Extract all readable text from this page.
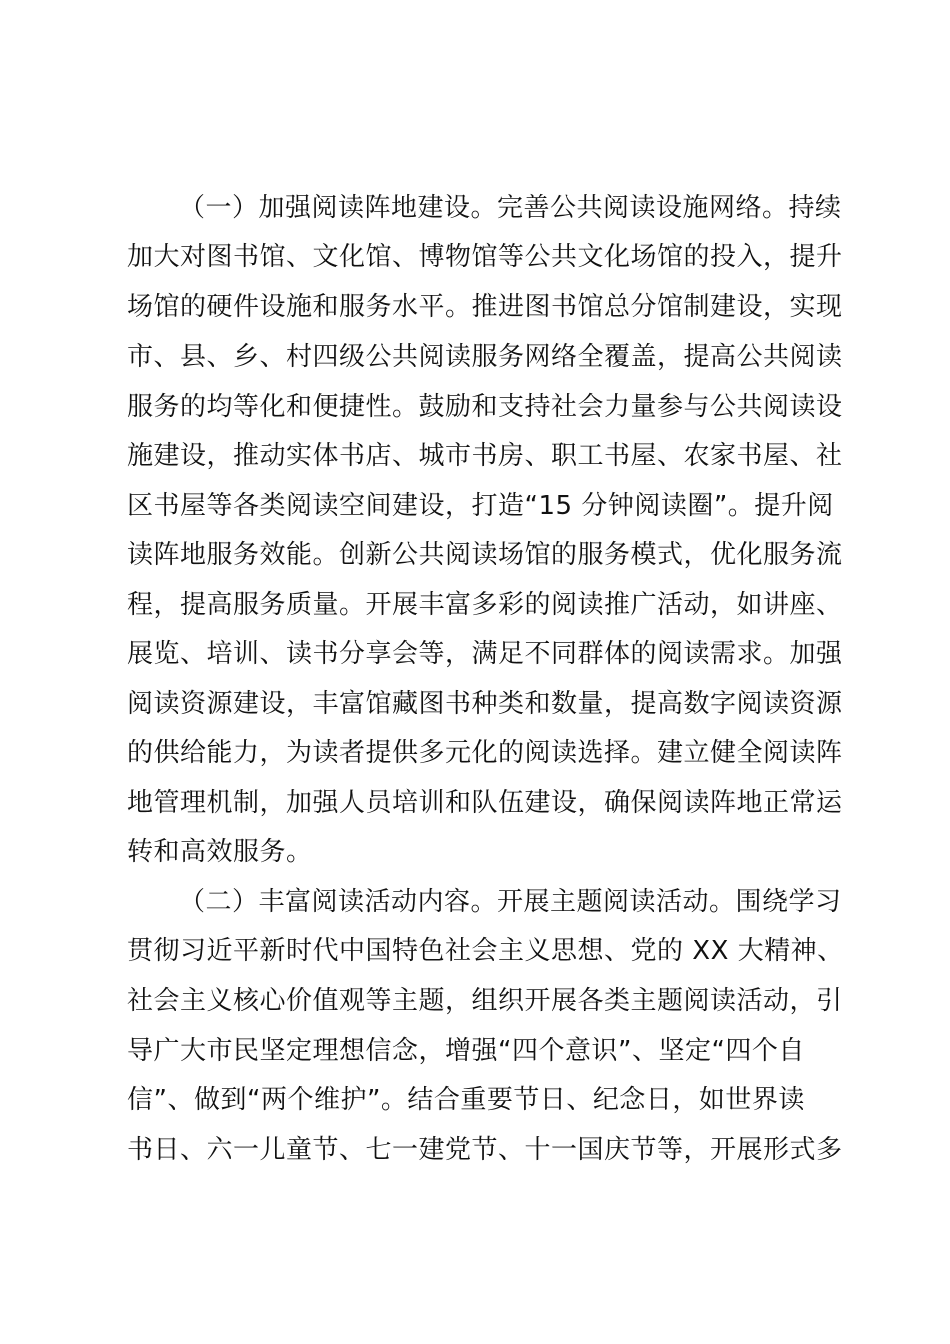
（一）加强阅读阵地建设。完善公共阅读设施网络。持续
加大对图书馆、文化馆、博物馆等公共文化场馆的投入，提升
场馆的硬件设施和服务水平。推进图书馆总分馆制建设，实现
市、县、乡、村四级公共阅读服务网络全覆盖，提高公共阅读
服务的均等化和便捷性。鼓励和支持社会力量参与公共阅读设
施建设，推动实体书店、城市书房、职工书屋、农家书屋、社
区书屋等各类阅读空间建设，打造“15 分钟阅读圈”。提升阅
读阵地服务效能。创新公共阅读场馆的服务模式，优化服务流
程，提高服务质量。开展丰富多彩的阅读推广活动，如讲座、
展览、培训、读书分享会等，满足不同群体的阅读需求。加强
阅读资源建设，丰富馆藏图书种类和数量，提高数字阅读资源
的供给能力，为读者提供多元化的阅读选择。建立健全阅读阵
地管理机制，加强人员培训和队伍建设，确保阅读阵地正常运
转和高效服务。
（二）丰富阅读活动内容。开展主题阅读活动。围绕学习
贯彻习近平新时代中国特色社会主义思想、党的 XX 大精神、
社会主义核心价值观等主题，组织开展各类主题阅读活动，引
导广大市民坚定理想信念，增强“四个意识”、坚定“四个自
信”、做到“两个维护”。结合重要节日、纪念日，如世界读
书日、六一儿童节、七一建党节、十一国庆节等，开展形式多
